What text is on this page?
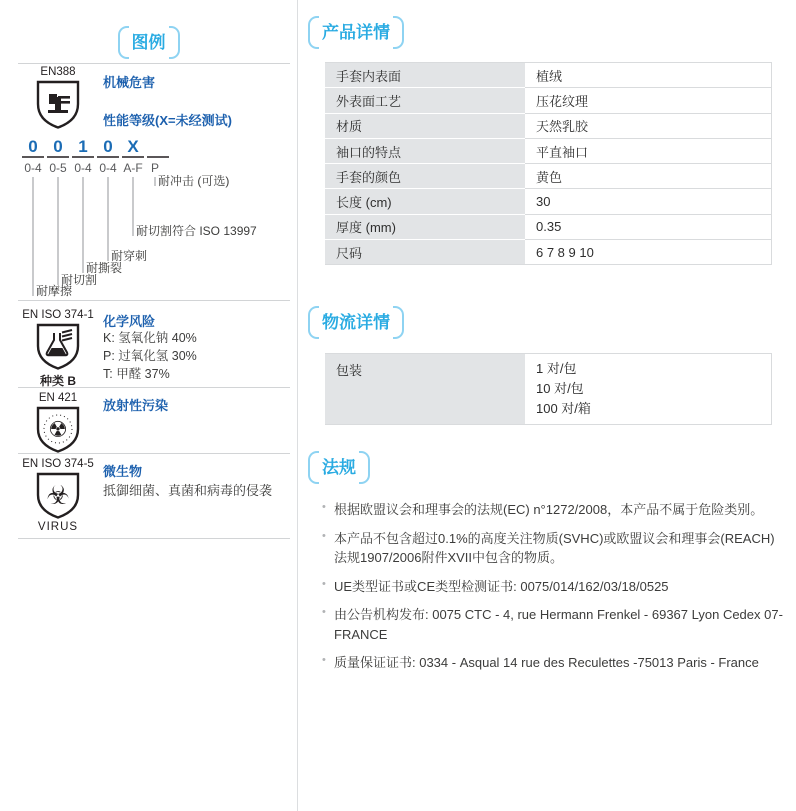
图例
EN388
机械危害
性能等级(X=未经测试)
0 0 1 0 X
0-4 0-5 0-4 0-4 A-F P
耐摩擦
耐切割
耐撕裂
耐穿刺
耐切割符合 ISO 13997
耐冲击 (可选)
EN ISO 374-1
种类 B
化学风险
K: 氢氧化钠 40%
P: 过氧化氢 30%
T: 甲醛 37%
EN 421
☢
放射性污染
EN ISO 374-5
☣
VIRUS
微生物
抵御细菌、真菌和病毒的侵袭
产品详情
手套内表面	植绒
外表面工艺	压花纹理
材质	天然乳胶
袖口的特点	平直袖口
手套的颜色	黄色
长度 (cm)	30
厚度 (mm)	0.35
尺码	6 7 8 9 10
物流详情
包装	1 对/包
10 对/包
100 对/箱
法规
• 根据欧盟议会和理事会的法规(EC) n°1272/2008，本产品不属于危险类别。
• 本产品不包含超过0.1%的高度关注物质(SVHC)或欧盟议会和理事会(REACH)法规1907/2006附件XVII中包含的物质。
• UE类型证书或CE类型检测证书: 0075/014/162/03/18/0525
• 由公告机构发布: 0075 CTC - 4, rue Hermann Frenkel - 69367 Lyon Cedex 07-FRANCE
• 质量保证证书: 0334 - Asqual 14 rue des Reculettes -75013 Paris - France
